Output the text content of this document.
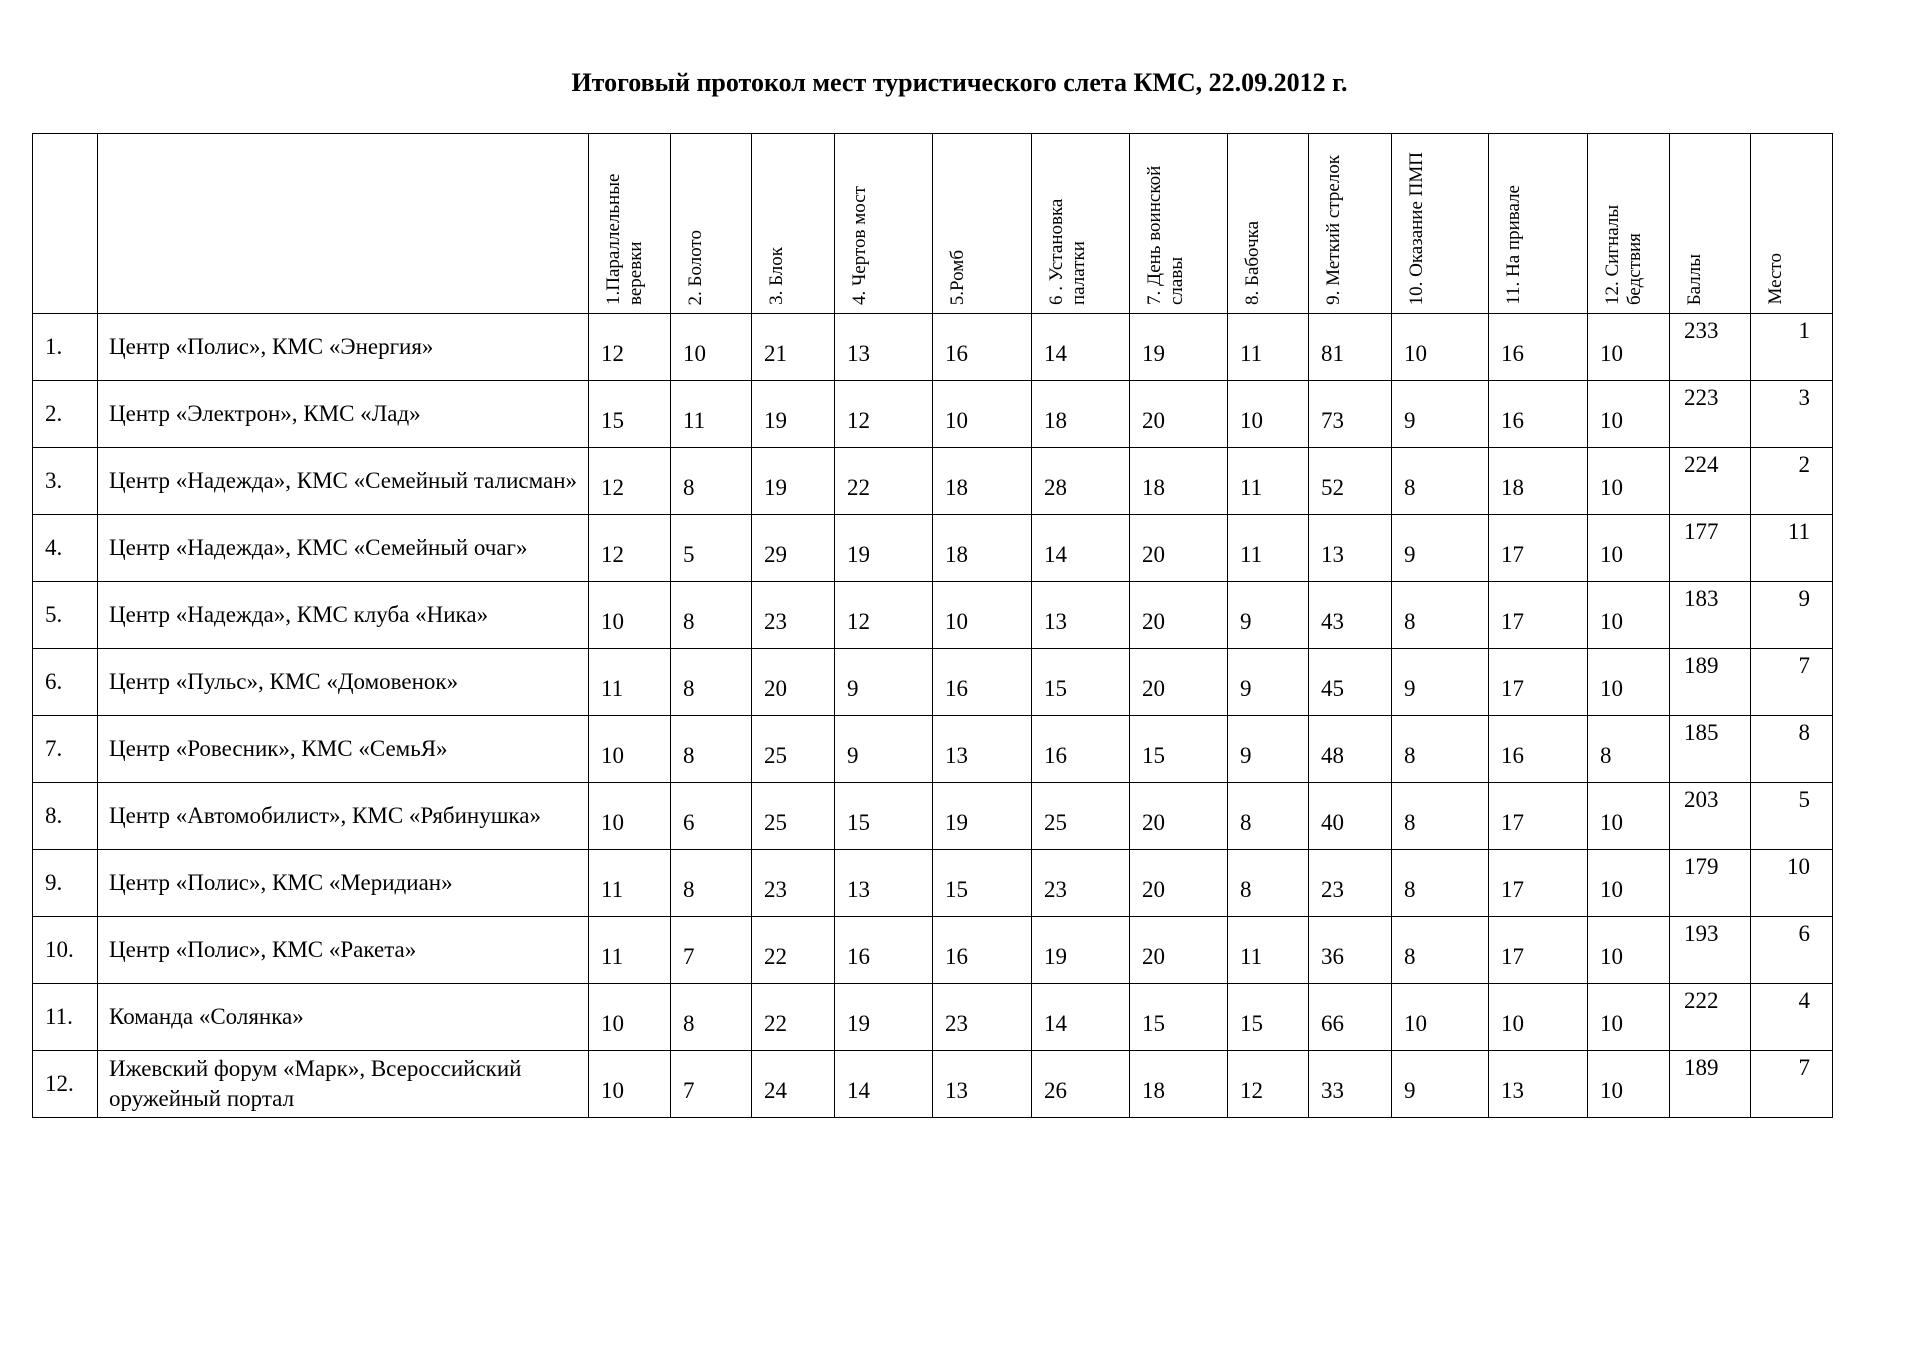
Итоговый протокол мест туристического слета КМС, 22.09.2012 г.

		1.Параллельные веревки	2. Болото	3. Блок	4. Чертов мост	5.Ромб	6 . Установка палатки	7. День воинской славы	8. Бабочка	9. Меткий стрелок	10. Оказание ПМП	11. На привале	12. Сигналы бедствия	Баллы	Место

1.	Центр «Полис», КМС «Энергия»	12	10	21	13	16	14	19	11	81	10	16	10	233	1
2.	Центр «Электрон», КМС «Лад»	15	11	19	12	10	18	20	10	73	9	16	10	223	3
3.	Центр «Надежда», КМС «Семейный талисман»	12	8	19	22	18	28	18	11	52	8	18	10	224	2
4.	Центр «Надежда», КМС «Семейный очаг»	12	5	29	19	18	14	20	11	13	9	17	10	177	11
5.	Центр «Надежда», КМС клуба «Ника»	10	8	23	12	10	13	20	9	43	8	17	10	183	9
6.	Центр «Пульс», КМС «Домовенок»	11	8	20	9	16	15	20	9	45	9	17	10	189	7
7.	Центр «Ровесник», КМС «СемьЯ»	10	8	25	9	13	16	15	9	48	8	16	8	185	8
8.	Центр «Автомобилист», КМС «Рябинушка»	10	6	25	15	19	25	20	8	40	8	17	10	203	5
9.	Центр «Полис», КМС «Меридиан»	11	8	23	13	15	23	20	8	23	8	17	10	179	10
10.	Центр «Полис», КМС «Ракета»	11	7	22	16	16	19	20	11	36	8	17	10	193	6
11.	Команда «Солянка»	10	8	22	19	23	14	15	15	66	10	10	10	222	4
12.	Ижевский форум «Марк», Всероссийский оружейный портал	10	7	24	14	13	26	18	12	33	9	13	10	189	7
